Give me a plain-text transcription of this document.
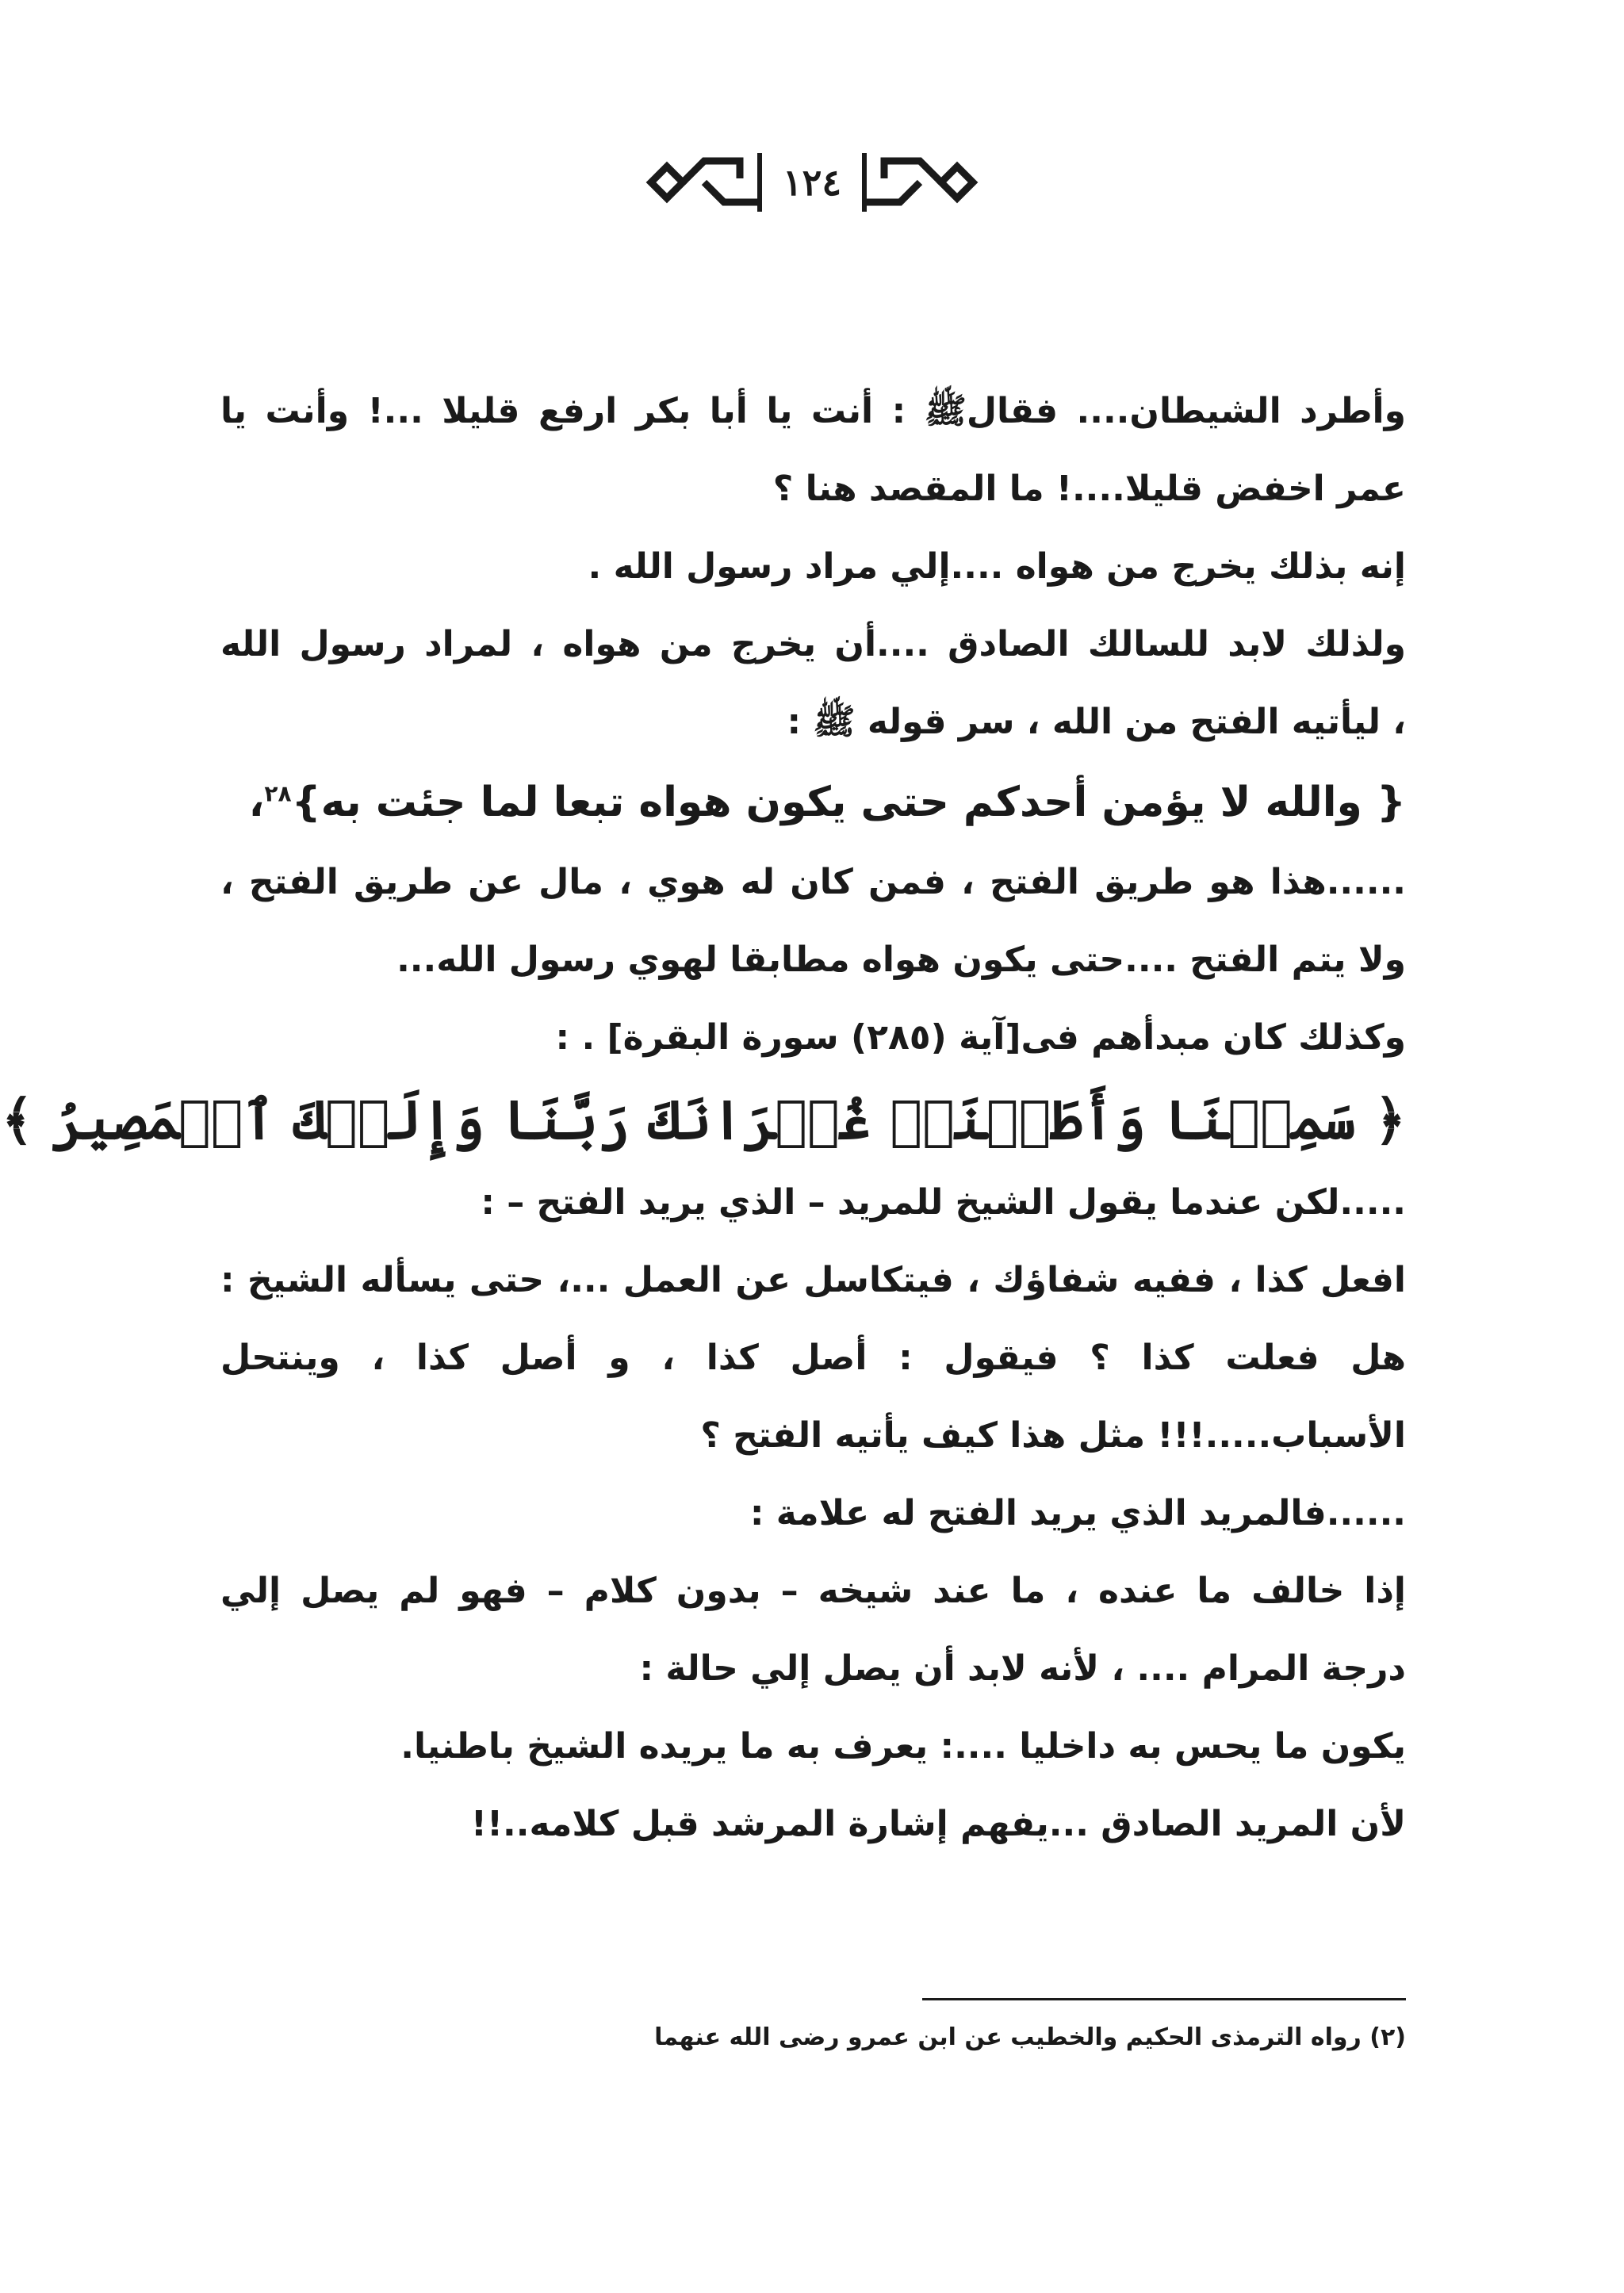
١٢٤
وأطرد الشيطان.... فقالﷺ : أنت يا أبا بكر ارفع قليلا ...! وأنت يا
عمر اخفض قليلا....! ما المقصد هنا ؟
إنه بذلك يخرج من هواه ....إلي مراد رسول الله .
ولذلك لابد للسالك الصادق ....أن يخرج من هواه ، لمراد رسول الله
، ليأتيه الفتح من الله ، سر قوله ﷺ :
{ والله لا يؤمن أحدكم حتى يكون هواه تبعا لما جئت به}$^{٢٨}$،
......هذا هو طريق الفتح ، فمن كان له هوي ، مال عن طريق الفتح ،
ولا يتم الفتح ....حتى يكون هواه مطابقا لهوي رسول الله...
وكذلك كان مبدأهم فى[آية (٢٨٥) سورة البقرة] . :
﴿ سَمِعۡنَا وَأَطَعۡنَاۖ غُفۡرَانَكَ رَبَّنَا وَإِلَيۡكَ ٱلۡمَصِيرُ ﴾
.....لكن عندما يقول الشيخ للمريد – الذي يريد الفتح – :
افعل كذا ، ففيه شفاؤك ، فيتكاسل عن العمل ...، حتى يسأله الشيخ :
هل فعلت كذا ؟ فيقول : أصل كذا ، و أصل كذا ، وينتحل
الأسباب.....!!! مثل هذا كيف يأتيه الفتح ؟
......فالمريد الذي يريد الفتح له علامة :
إذا خالف ما عنده ، ما عند شيخه – بدون كلام – فهو لم يصل إلي
درجة المرام .... ، لأنه لابد أن يصل إلي حالة :
يكون ما يحس به داخليا ....: يعرف به ما يريده الشيخ باطنيا.
لأن المريد الصادق ...يفهم إشارة المرشد قبل كلامه..!!
(٢) رواه الترمذى الحكيم والخطيب عن ابن عمرو رضى الله عنهما
